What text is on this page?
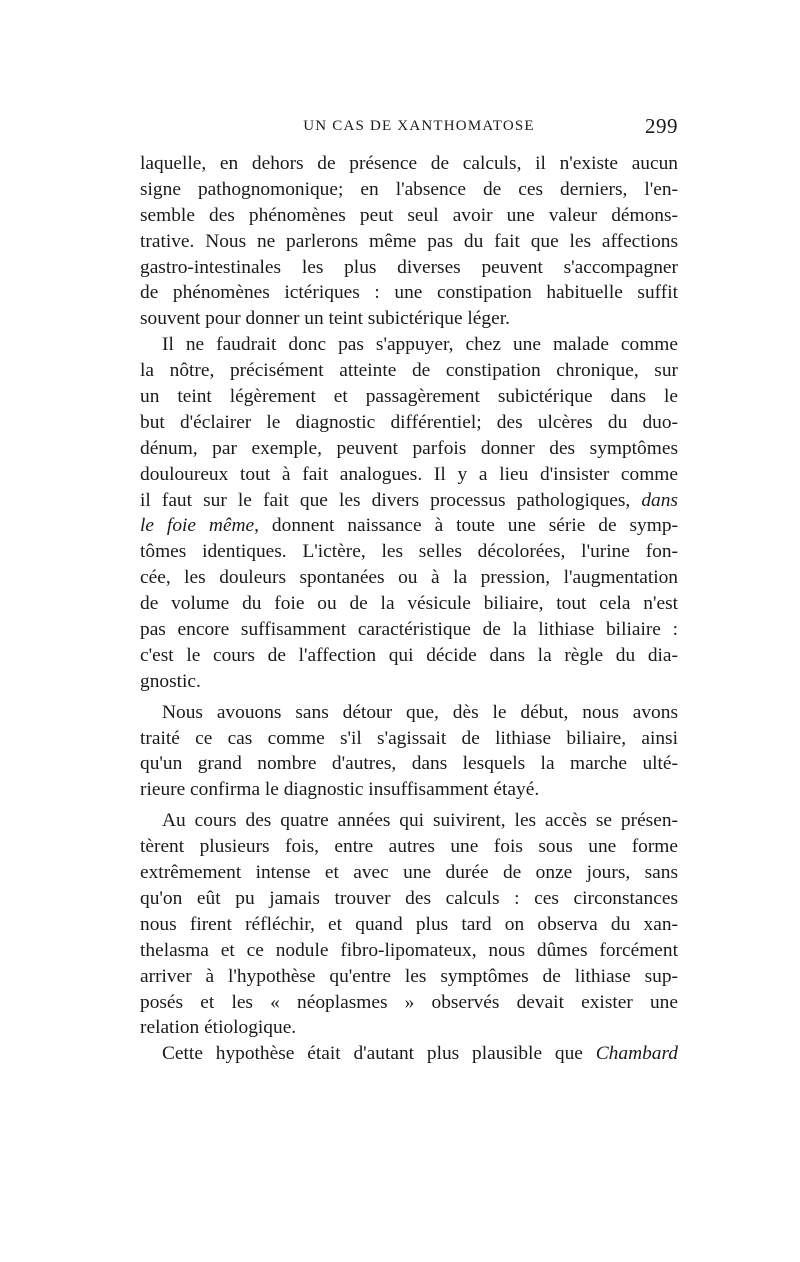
UN CAS DE XANTHOMATOSE	299
laquelle, en dehors de présence de calculs, il n'existe aucun
signe pathognomonique; en l'absence de ces derniers, l'en-
semble des phénomènes peut seul avoir une valeur démons-
trative. Nous ne parlerons même pas du fait que les affections
gastro-intestinales les plus diverses peuvent s'accompagner
de phénomènes ictériques : une constipation habituelle suffit
souvent pour donner un teint subictérique léger.
Il ne faudrait donc pas s'appuyer, chez une malade comme
la nôtre, précisément atteinte de constipation chronique, sur
un teint légèrement et passagèrement subictérique dans le
but d'éclairer le diagnostic différentiel; des ulcères du duo-
dénum, par exemple, peuvent parfois donner des symptômes
douloureux tout à fait analogues. Il y a lieu d'insister comme
il faut sur le fait que les divers processus pathologiques, dans
le foie même, donnent naissance à toute une série de symp-
tômes identiques. L'ictère, les selles décolorées, l'urine fon-
cée, les douleurs spontanées ou à la pression, l'augmentation
de volume du foie ou de la vésicule biliaire, tout cela n'est
pas encore suffisamment caractéristique de la lithiase biliaire :
c'est le cours de l'affection qui décide dans la règle du dia-
gnostic.
Nous avouons sans détour que, dès le début, nous avons
traité ce cas comme s'il s'agissait de lithiase biliaire, ainsi
qu'un grand nombre d'autres, dans lesquels la marche ulté-
rieure confirma le diagnostic insuffisamment étayé.
Au cours des quatre années qui suivirent, les accès se présen-
tèrent plusieurs fois, entre autres une fois sous une forme
extrêmement intense et avec une durée de onze jours, sans
qu'on eût pu jamais trouver des calculs : ces circonstances
nous firent réfléchir, et quand plus tard on observa du xan-
thelasma et ce nodule fibro-lipomateux, nous dûmes forcément
arriver à l'hypothèse qu'entre les symptômes de lithiase sup-
posés et les « néoplasmes » observés devait exister une
relation étiologique.
Cette hypothèse était d'autant plus plausible que Chambard
